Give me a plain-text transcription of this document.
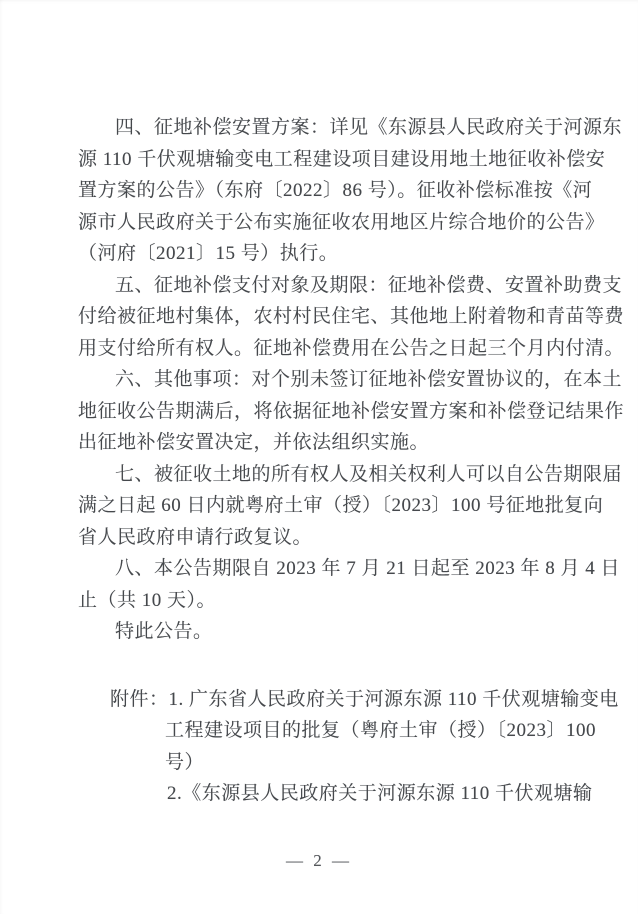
四、征地补偿安置方案：详见《东源县人民政府关于河源东
源 110 千伏观塘输变电工程建设项目建设用地土地征收补偿安
置方案的公告》（东府〔2022〕86 号）。征收补偿标准按《河
源市人民政府关于公布实施征收农用地区片综合地价的公告》
（河府〔2021〕15 号）执行。
五、征地补偿支付对象及期限：征地补偿费、安置补助费支
付给被征地村集体，农村村民住宅、其他地上附着物和青苗等费
用支付给所有权人。征地补偿费用在公告之日起三个月内付清。
六、其他事项：对个别未签订征地补偿安置协议的，在本土
地征收公告期满后，将依据征地补偿安置方案和补偿登记结果作
出征地补偿安置决定，并依法组织实施。
七、被征收土地的所有权人及相关权利人可以自公告期限届
满之日起 60 日内就粤府土审（授）〔2023〕100 号征地批复向
省人民政府申请行政复议。
八、本公告期限自 2023 年 7 月 21 日起至 2023 年 8 月 4 日
止（共 10 天）。
特此公告。
附件：1. 广东省人民政府关于河源东源 110 千伏观塘输变电
工程建设项目的批复（粤府土审（授）〔2023〕100
号）
2.《东源县人民政府关于河源东源 110 千伏观塘输
— 2 —
